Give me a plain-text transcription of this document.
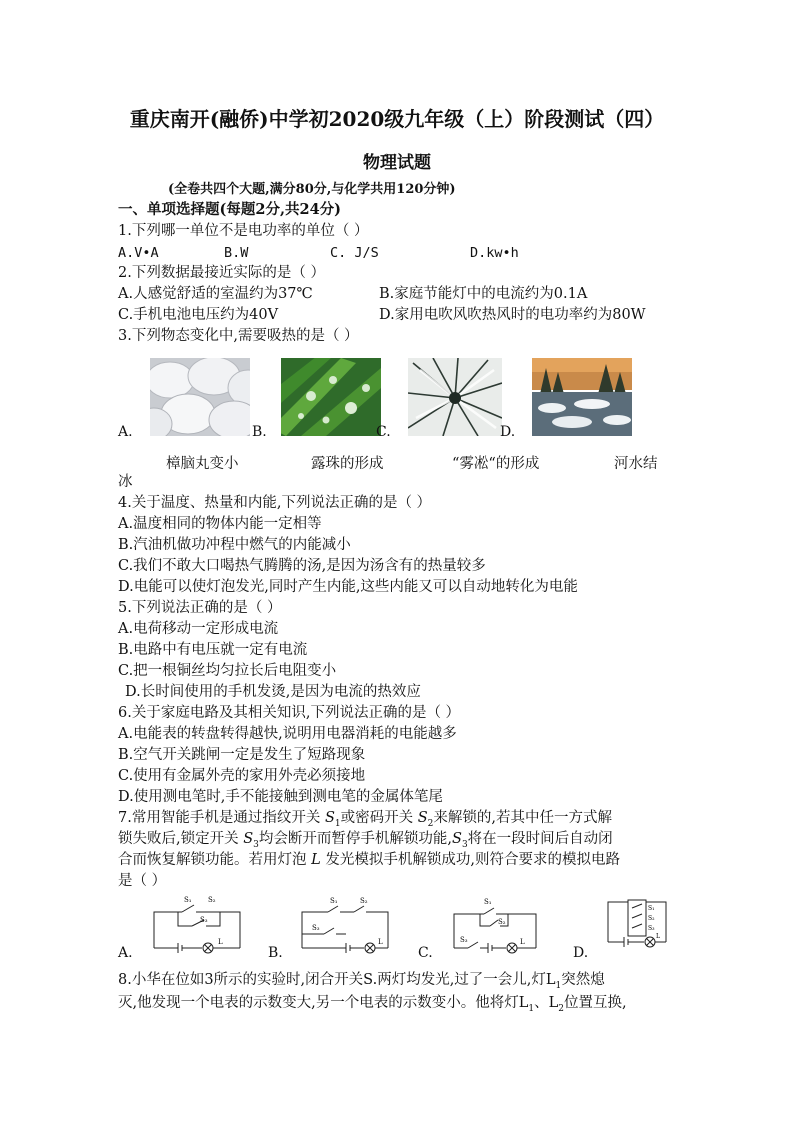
重庆南开(融侨)中学初2020级九年级（上）阶段测试（四）
物理试题
(全卷共四个大题,满分80分,与化学共用120分钟)
一、单项选择题(每题2分,共24分)
1.下列哪一单位不是电功率的单位（ ）
A.V•A	B.W	C. J/S	D.kw•h
2.下列数据最接近实际的是（ ）
A.人感觉舒适的室温约为37℃	B.家庭节能灯中的电流约为0.1A
C.手机电池电压约为40V	D.家用电吹风吹热风时的电功率约为80W
3.下列物态变化中,需要吸热的是（ ）
A.	B.	C.	D.
樟脑丸变小	露珠的形成	“雾凇“的形成	河水结
冰
4.关于温度、热量和内能,下列说法正确的是（ ）
A.温度相同的物体内能一定相等
B.汽油机做功冲程中燃气的内能减小
C.我们不敢大口喝热气腾腾的汤,是因为汤含有的热量较多
D.电能可以使灯泡发光,同时产生内能,这些内能又可以自动地转化为电能
5.下列说法正确的是（ ）
A.电荷移动一定形成电流
B.电路中有电压就一定有电流
C.把一根铜丝均匀拉长后电阻变小
D.长时间使用的手机发烫,是因为电流的热效应
6.关于家庭电路及其相关知识,下列说法正确的是（ ）
A.电能表的转盘转得越快,说明用电器消耗的电能越多
B.空气开关跳闸一定是发生了短路现象
C.使用有金属外壳的家用外壳必须接地
D.使用测电笔时,手不能接触到测电笔的金属体笔尾
7.常用智能手机是通过指纹开关 $S_1$或密码开关 $S_2$来解锁的,若其中任一方式解
锁失败后,锁定开关 $S_3$均会断开而暂停手机解锁功能$,S_3$将在一段时间后自动闭
合而恢复解锁功能。若用灯泡 L 发光模拟手机解锁成功,则符合要求的模拟电路
是（ ）
A.
S₁ S₂
S₃
L
B.
S₁	S₂
S₃
L
C.
S₁
S₂
S₃	L
D.
S₁
S₂
S₃
L
8.小华在位如3所示的实验时,闭合开关S.两灯均发光,过了一会儿,灯$L_1$突然熄
灭,他发现一个电表的示数变大,另一个电表的示数变小。他将灯$L_1$、$L_2$位置互换,
